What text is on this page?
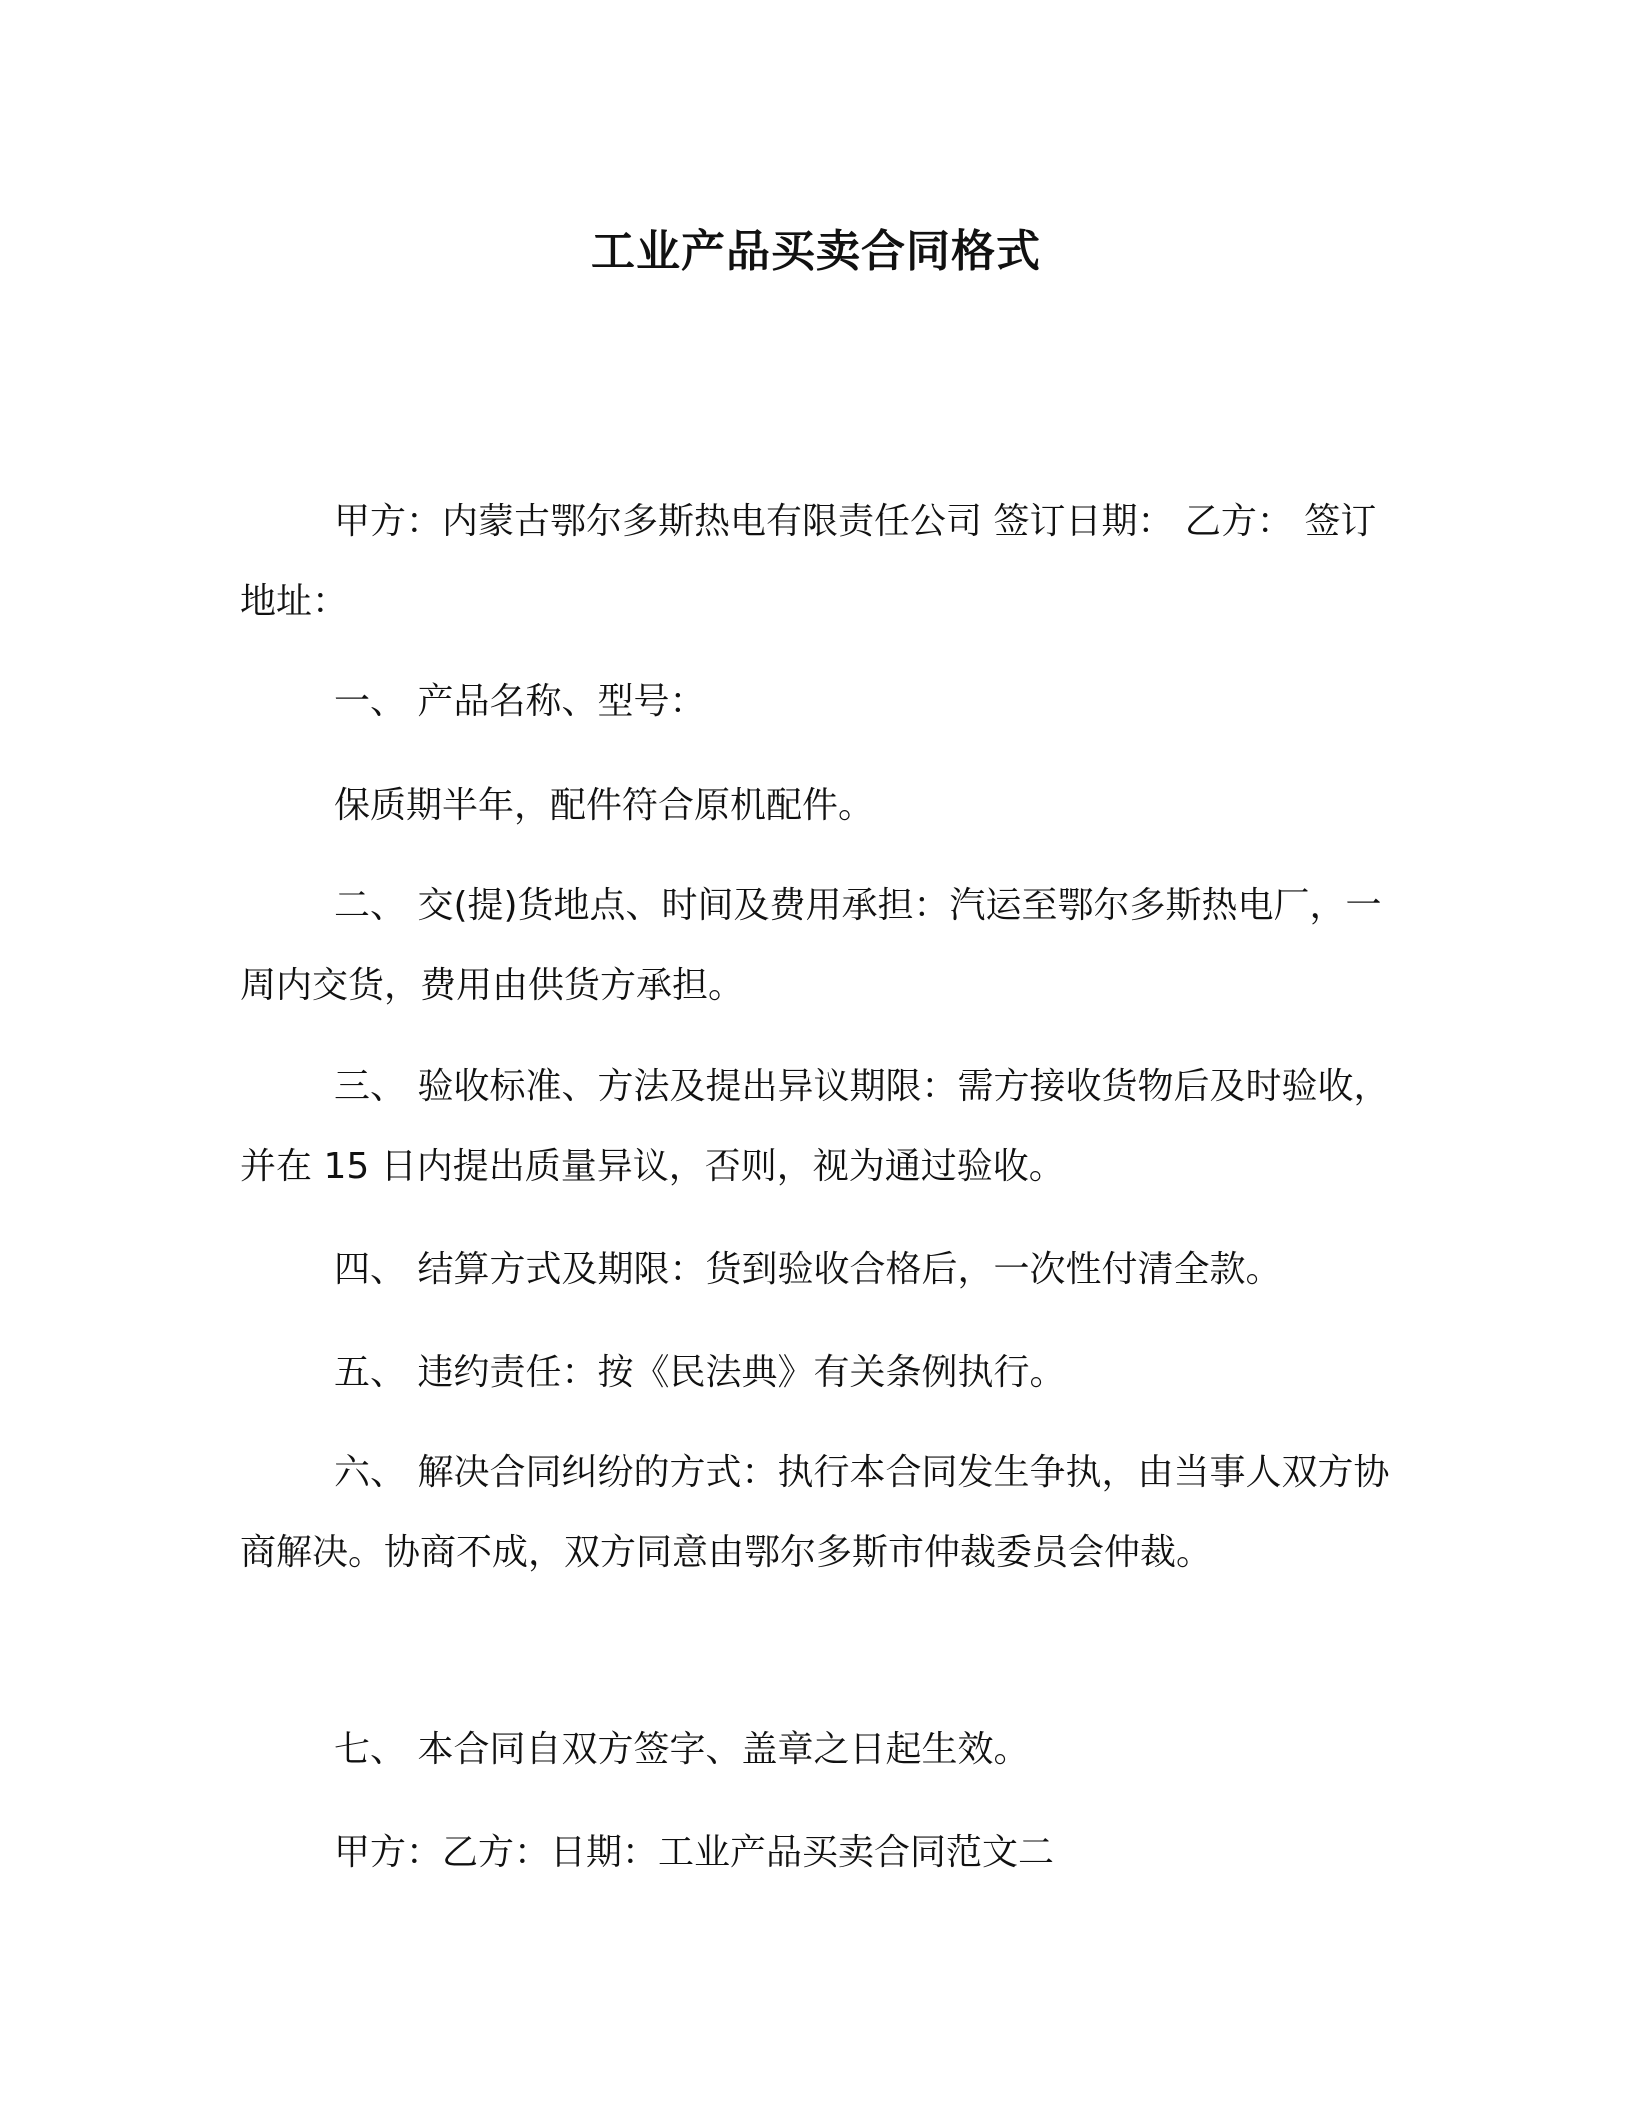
工业产品买卖合同格式

甲方：内蒙古鄂尔多斯热电有限责任公司 签订日期： 乙方： 签订地址：

一、 产品名称、型号：

保质期半年，配件符合原机配件。

二、 交(提)货地点、时间及费用承担：汽运至鄂尔多斯热电厂，一周内交货，费用由供货方承担。

三、 验收标准、方法及提出异议期限：需方接收货物后及时验收，并在 15 日内提出质量异议，否则，视为通过验收。

四、 结算方式及期限：货到验收合格后，一次性付清全款。

五、 违约责任：按《民法典》有关条例执行。

六、 解决合同纠纷的方式：执行本合同发生争执，由当事人双方协商解决。协商不成，双方同意由鄂尔多斯市仲裁委员会仲裁。

七、 本合同自双方签字、盖章之日起生效。

甲方：乙方：日期：工业产品买卖合同范文二
